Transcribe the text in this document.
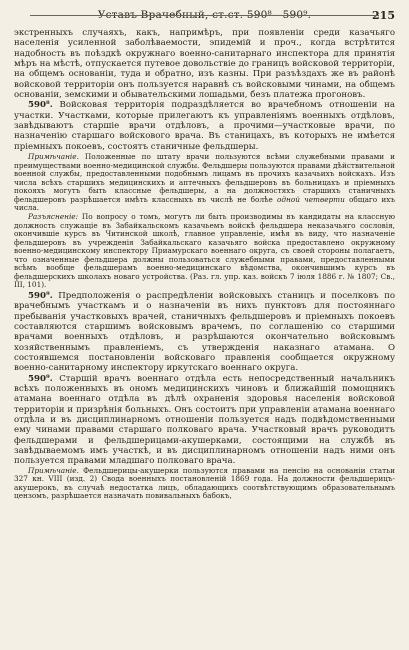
Уставъ Врачебный, ст.ст. 590⁸—590⁹.	215

экстренныхъ случаяхъ, какъ, напримѣръ, при появленіи среди казачьяго населенія усиленной заболѣваемости, эпидемій и проч., когда встрѣтится надобность въ поѣздкѣ окружнаго военно-санитарнаго инспектора для принятія мѣръ на мѣстѣ, отпускается путевое довольствіе до границъ войсковой территоріи, на общемъ основаніи, туда и обратно, изъ казны. При разъѣздахъ же въ районѣ войсковой территоріи онъ пользуется наравнѣ съ войсковыми чинами, на общемъ основаніи, земскими и обывательскими лошадьми, безъ платежа прогоновъ.

590⁸. Войсковая территорія подраздѣляется во врачебномъ отношеніи на участки. Участками, которые прилегаютъ къ управленіямъ военныхъ отдѣловъ, завѣдываютъ старшіе врачи отдѣловъ, а прочими—участковые врачи, по назначенію старшаго войскового врача. Въ станицахъ, въ которыхъ не имѣется пріемныхъ покоевъ, состоятъ станичные фельдшеры.

Примѣчаніе. Положенные по штату врачи пользуются всѣми служебными правами и преимуществами военно-медицинской службы. Фельдшеры пользуются правами дѣйствительной военной службы, предоставленными подобнымъ лицамъ въ прочихъ казачьихъ войскахъ. Изъ числа всѣхъ старшихъ медицинскихъ и аптечныхъ фельдшеровъ въ больницахъ и пріемныхъ покояхъ могутъ быть классные фельдшеры, а на должностяхъ старшихъ станичныхъ фельдшеровъ разрѣшается имѣть классныхъ въ числѣ не болѣе одной четверти общаго ихъ числа.

Разъясненіе: По вопросу о томъ, могутъ ли быть производимы въ кандидаты на классную должность служащіе въ Забайкальскомъ казачьемъ войскѣ фельдшера неказачьяго сословія, окончившіе курсъ въ Читинской школѣ, главное управленіе, имѣя въ виду, что назначеніе фельдшеровъ въ учрежденія Забайкальскаго казачьяго войска предоставлено окружному военно-медицинскому инспектору Приамурскаго военнаго округа, съ своей стороны полагаетъ, что означенные фельдшера должны пользоваться служебными правами, предоставленными всѣмъ вообще фельдшерамъ военно-медицинскаго вѣдомства, окончившимъ курсъ въ фельдшерскихъ школахъ новаго устройства. (Раз. гл. упр. каз. войскъ 7 іюля 1886 г. № 1807; Св., III, 101).

590⁹. Предположенія о распредѣленіи войсковыхъ станицъ и поселковъ по врачебнымъ участкамъ и о назначеніи въ нихъ пунктовъ для постояннаго пребыванія участковыхъ врачей, станичныхъ фельдшеровъ и пріемныхъ покоевъ составляются старшимъ войсковымъ врачемъ, по соглашенію со старшими врачами военныхъ отдѣловъ, и разрѣшаются окончательно войсковымъ хозяйственнымъ правленіемъ, съ утвержденія наказнаго атамана. О состоявшемся постановленіи войсковаго правленія сообщается окружному военно-санитарному инспектору иркутскаго военнаго округа.

590⁹. Старшій врачъ военнаго отдѣла есть непосредственный начальникъ всѣхъ положенныхъ въ ономъ медицинскихъ чиновъ и ближайшій помощникъ атамана военнаго отдѣла въ дѣлѣ охраненія здоровья населенія войсковой территоріи и призрѣнія больныхъ. Онъ состоитъ при управленіи атамана военнаго отдѣла и въ дисциплинарномъ отношеніи пользуется надъ подвѣдомственными ему чинами правами старшаго полковаго врача. Участковый врачъ руководитъ фельдшерами и фельдшерицами-акушерками, состоящими на службѣ въ завѣдываемомъ имъ участкѣ, и въ дисциплинарномъ отношеніи надъ ними онъ пользуется правами младшаго полковаго врача.

Примѣчаніе. Фельдшерицы-акушерки пользуются правами на пенсію на основаніи статьи 327 кн. VIII (изд. 2) Свода военныхъ постановленій 1869 года. На должности фельдшерицъ-акушерокъ, въ случаѣ недостатка лицъ, обладающихъ соотвѣтствующимъ образовательнымъ цензомъ, разрѣшается назначать повивальныхъ бабокъ,
